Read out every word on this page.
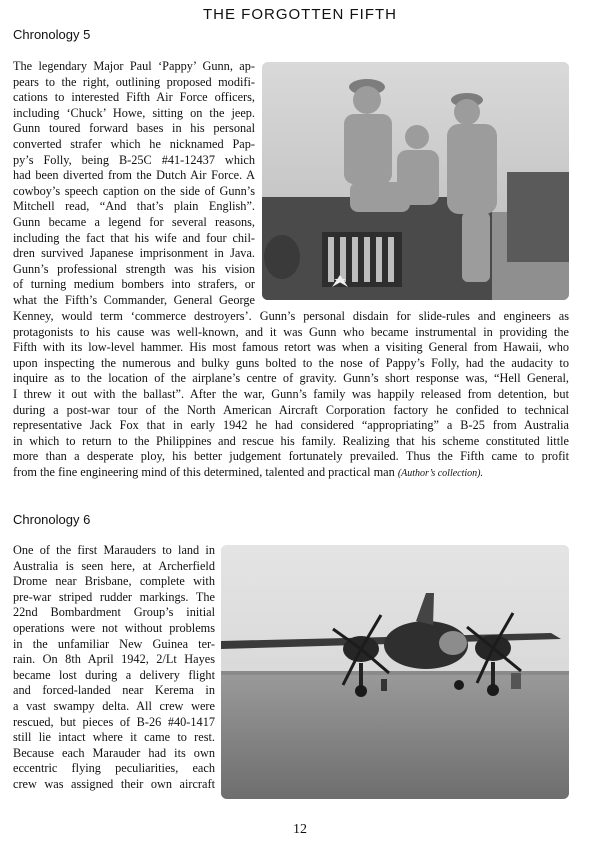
THE FORGOTTEN FIFTH
Chronology 5
The legendary Major Paul ‘Pappy’ Gunn, ap-
pears to the right, outlining proposed modifi-
cations to interested Fifth Air Force officers,
including ‘Chuck’ Howe, sitting on the jeep.
Gunn toured forward bases in his personal
converted strafer which he nicknamed Pap-
py’s Folly, being B-25C #41-12437 which
had been diverted from the Dutch Air Force. A
cowboy’s speech caption on the side of Gunn’s
Mitchell read, “And that’s plain English”.
Gunn became a legend for several reasons,
including the fact that his wife and four chil-
dren survived Japanese imprisonment in Java.
Gunn’s professional strength was his vision
of turning medium bombers into strafers, or
what the Fifth’s Commander, General George
Kenney, would term ‘commerce destroyers’. Gunn’s personal disdain for slide-rules and engineers as
protagonists to his cause was well-known, and it was Gunn who became instrumental in providing the
Fifth with its low-level hammer. His most famous retort was when a visiting General from Hawaii, who
upon inspecting the numerous and bulky guns bolted to the nose of Pappy’s Folly, had the audacity to
inquire as to the location of the airplane’s centre of gravity. Gunn’s short response was, “Hell General,
I threw it out with the ballast”. After the war, Gunn’s family was happily released from detention, but
during a post-war tour of the North American Aircraft Corporation factory he confided to technical
representative Jack Fox that in early 1942 he had considered “appropriating” a B-25 from Australia
in which to return to the Philippines and rescue his family. Realizing that his scheme constituted little
more than a desperate ploy, his better judgement fortunately prevailed. Thus the Fifth came to profit
from the fine engineering mind of this determined, talented and practical man (Author’s collection).
Chronology 6
One of the first Marauders to land in
Australia is seen here, at Archerfield
Drome near Brisbane, complete with
pre-war striped rudder markings. The
22nd Bombardment Group’s initial
operations were not without problems
in the unfamiliar New Guinea ter-
rain. On 8th April 1942, 2/Lt Hayes
became lost during a delivery flight
and forced-landed near Kerema in
a vast swampy delta. All crew were
rescued, but pieces of B-26 #40-1417
still lie intact where it came to rest.
Because each Marauder had its own
eccentric flying peculiarities, each
crew was assigned their own aircraft
12
